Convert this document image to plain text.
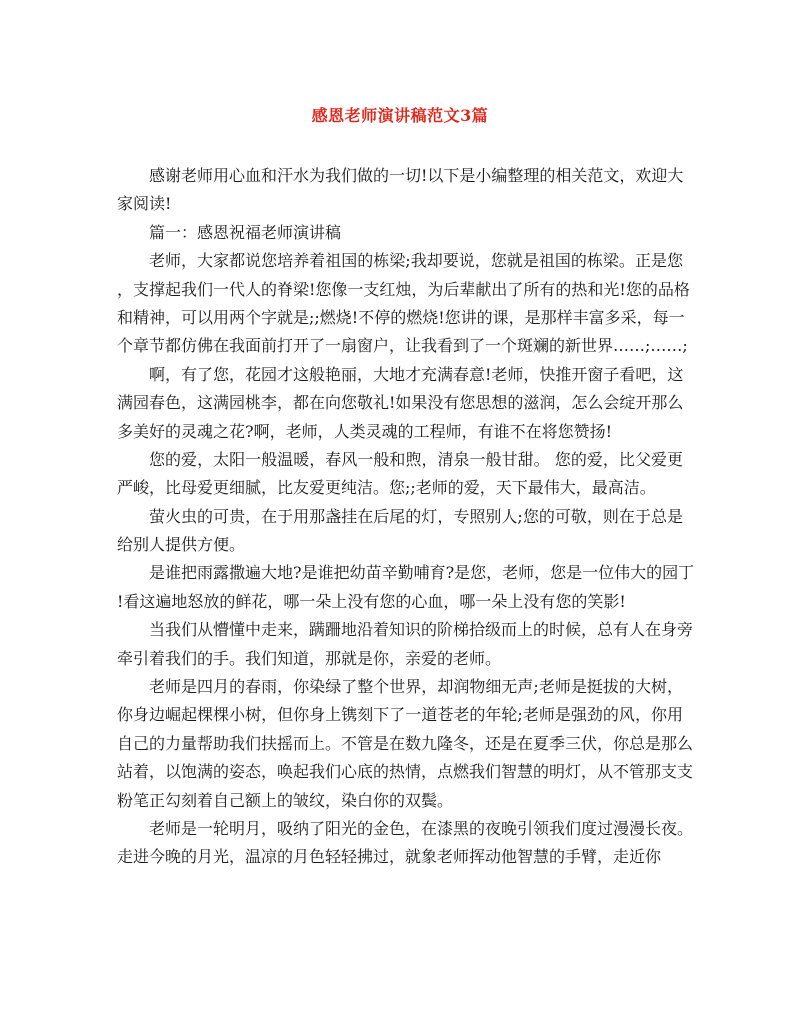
感恩老师演讲稿范文3篇
感谢老师用心血和汗水为我们做的一切!以下是小编整理的相关范文，欢迎大
家阅读!
篇一：感恩祝福老师演讲稿
老师，大家都说您培养着祖国的栋梁;我却要说，您就是祖国的栋梁。正是您
，支撑起我们一代人的脊梁!您像一支红烛，为后辈献出了所有的热和光!您的品格
和精神，可以用两个字就是;;燃烧!不停的燃烧!您讲的课，是那样丰富多采，每一
个章节都仿佛在我面前打开了一扇窗户，让我看到了一个斑斓的新世界……;……;
啊，有了您，花园才这般艳丽，大地才充满春意!老师，快推开窗子看吧，这
满园春色，这满园桃李，都在向您敬礼!如果没有您思想的滋润，怎么会绽开那么
多美好的灵魂之花?啊，老师，人类灵魂的工程师，有谁不在将您赞扬!
您的爱，太阳一般温暖，春风一般和煦，清泉一般甘甜。 您的爱，比父爱更
严峻，比母爱更细腻，比友爱更纯洁。您;;老师的爱，天下最伟大，最高洁。
萤火虫的可贵，在于用那盏挂在后尾的灯，专照别人;您的可敬，则在于总是
给别人提供方便。
是谁把雨露撒遍大地?是谁把幼苗辛勤哺育?是您，老师，您是一位伟大的园丁
!看这遍地怒放的鲜花，哪一朵上没有您的心血，哪一朵上没有您的笑影!
当我们从懵懂中走来，蹒跚地沿着知识的阶梯拾级而上的时候，总有人在身旁
牵引着我们的手。我们知道，那就是你，亲爱的老师。
老师是四月的春雨，你染绿了整个世界，却润物细无声;老师是挺拔的大树，
你身边崛起棵棵小树，但你身上镌刻下了一道苍老的年轮;老师是强劲的风，你用
自己的力量帮助我们扶摇而上。不管是在数九隆冬，还是在夏季三伏，你总是那么
站着，以饱满的姿态，唤起我们心底的热情，点燃我们智慧的明灯，从不管那支支
粉笔正勾刻着自己额上的皱纹，染白你的双鬓。
老师是一轮明月，吸纳了阳光的金色，在漆黑的夜晚引领我们度过漫漫长夜。
走进今晚的月光，温凉的月色轻轻拂过，就象老师挥动他智慧的手臂，走近你
